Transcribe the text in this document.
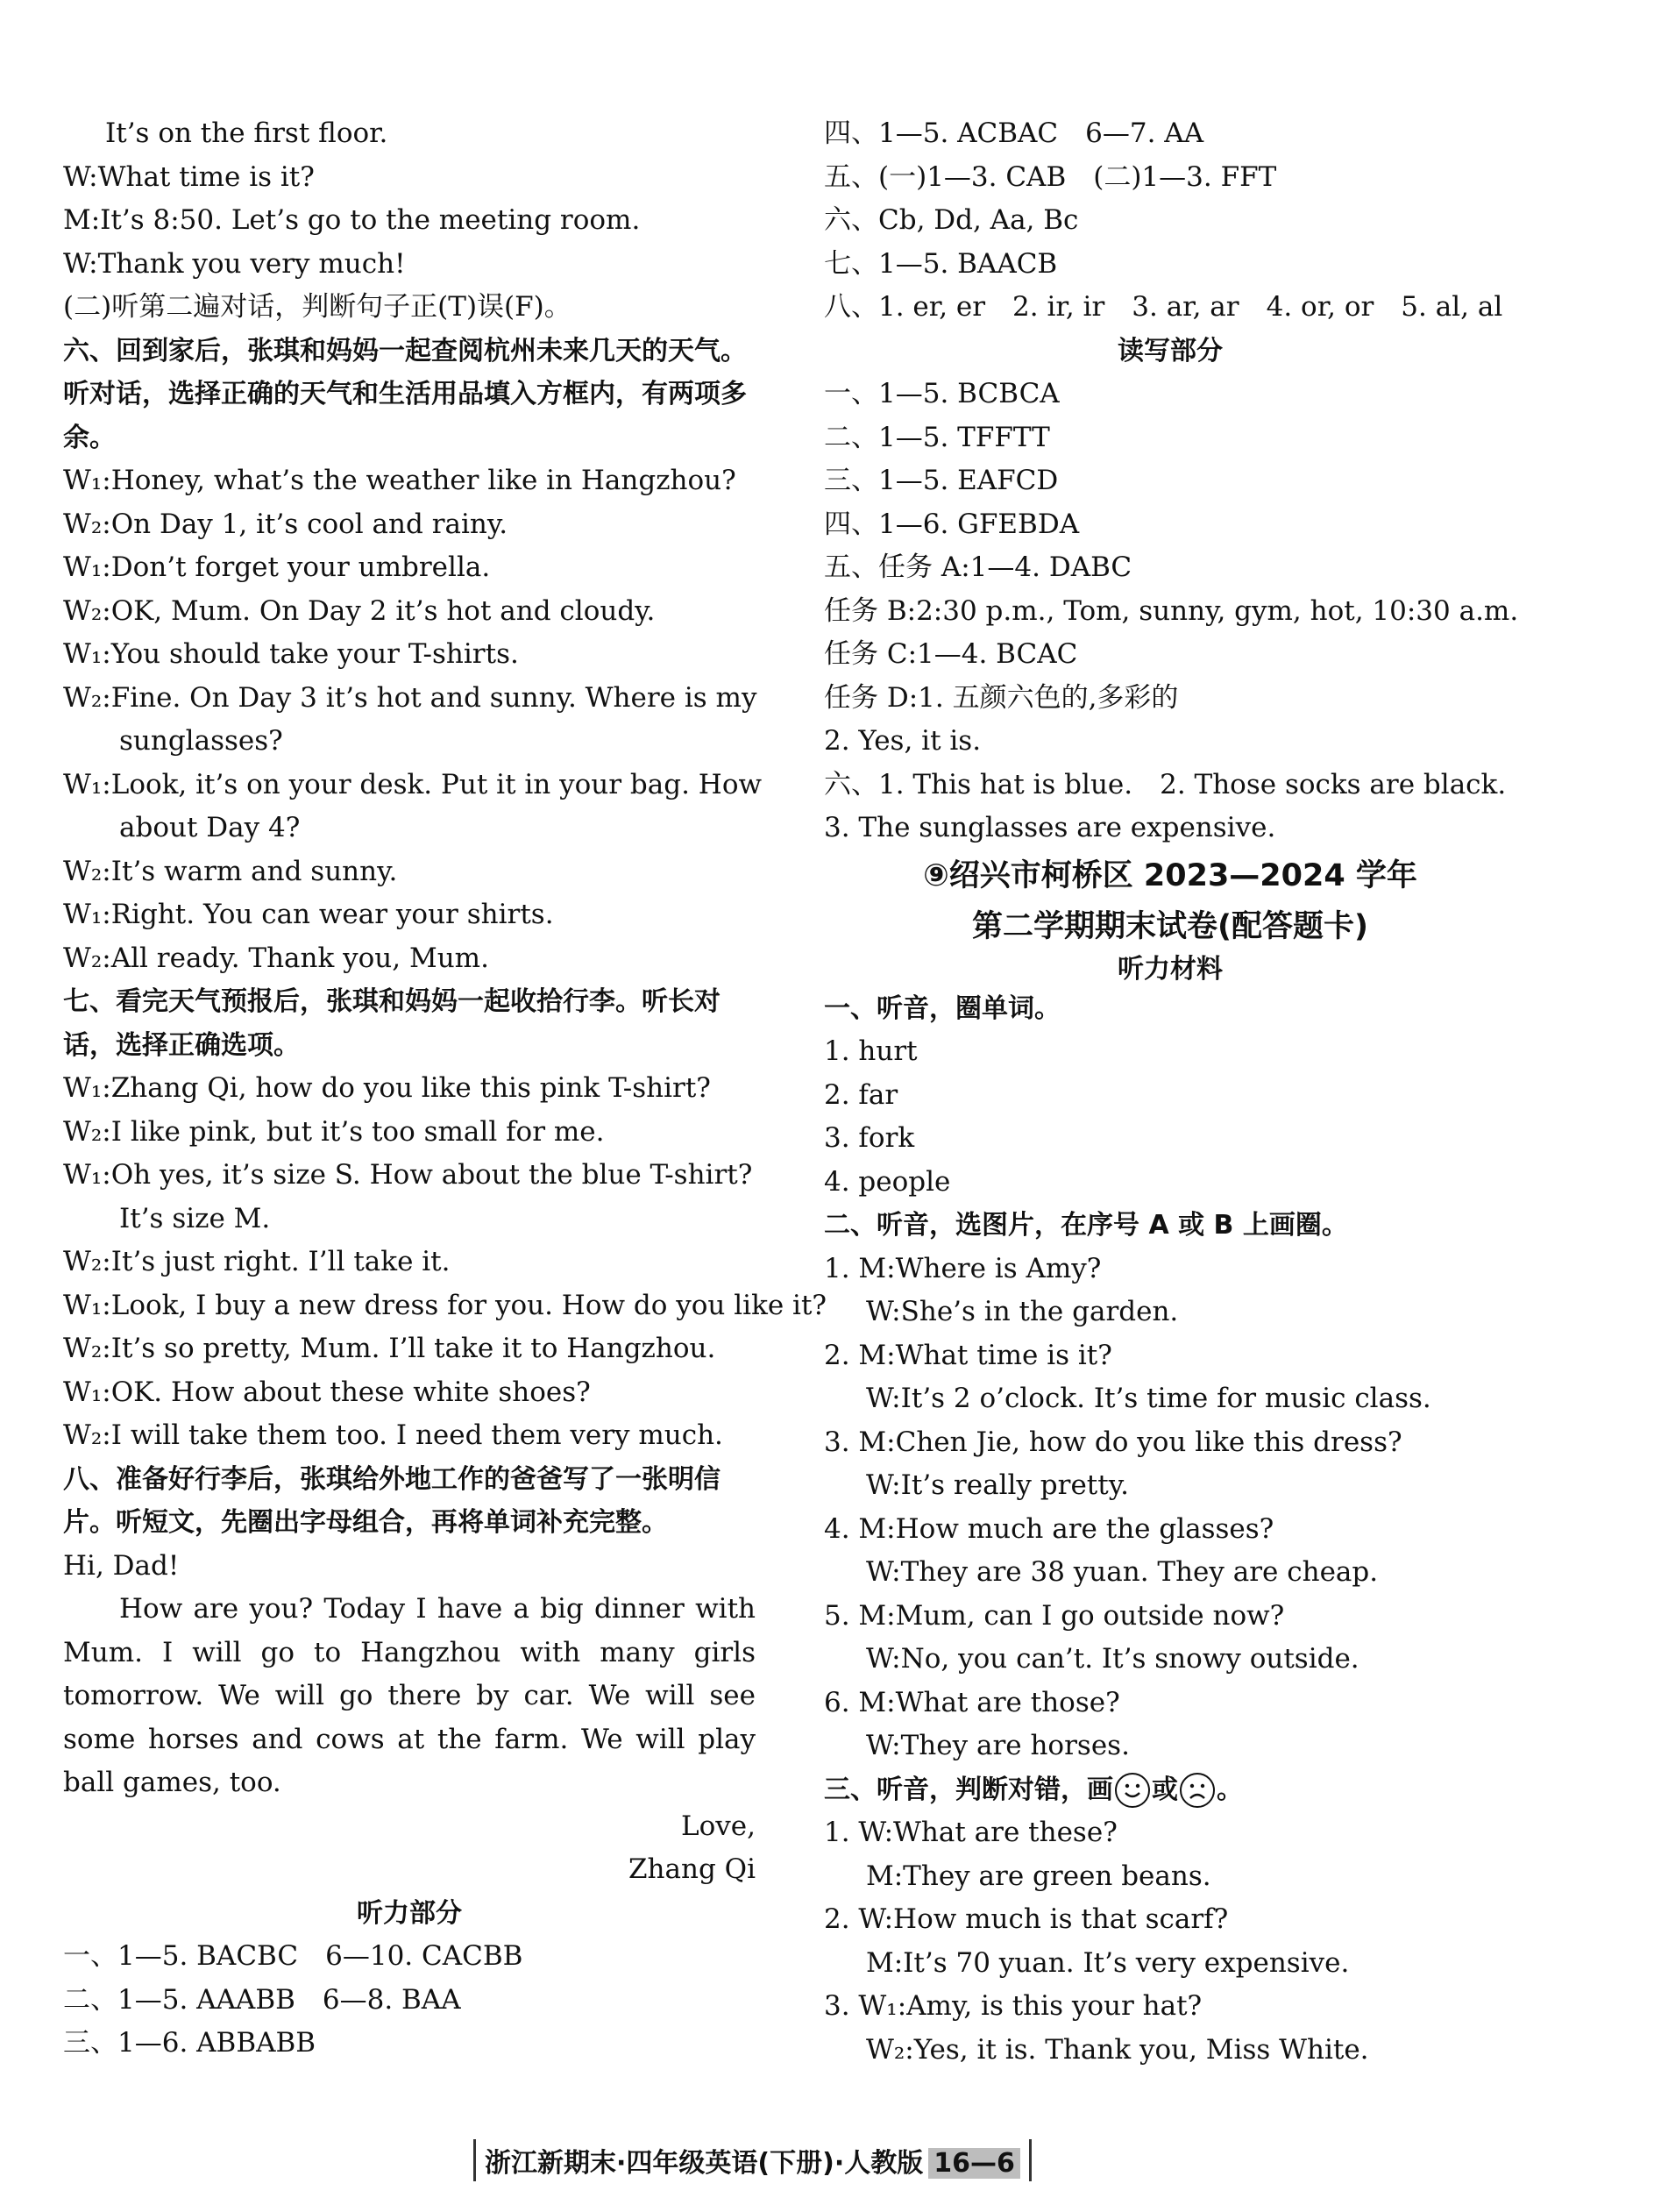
It’s on the first floor.
W:What time is it?
M:It’s 8:50. Let’s go to the meeting room.
W:Thank you very much!
(二)听第二遍对话，判断句子正(T)误(F)。
六、回到家后，张琪和妈妈一起查阅杭州未来几天的天气。听对话，选择正确的天气和生活用品填入方框内，有两项多余。
W₁:Honey, what’s the weather like in Hangzhou?
W₂:On Day 1, it’s cool and rainy.
W₁:Don’t forget your umbrella.
W₂:OK, Mum. On Day 2 it’s hot and cloudy.
W₁:You should take your T-shirts.
W₂:Fine. On Day 3 it’s hot and sunny. Where is my
sunglasses?
W₁:Look, it’s on your desk. Put it in your bag. How
about Day 4?
W₂:It’s warm and sunny.
W₁:Right. You can wear your shirts.
W₂:All ready. Thank you, Mum.
七、看完天气预报后，张琪和妈妈一起收拾行李。听长对话，选择正确选项。
W₁:Zhang Qi, how do you like this pink T-shirt?
W₂:I like pink, but it’s too small for me.
W₁:Oh yes, it’s size S. How about the blue T-shirt?
It’s size M.
W₂:It’s just right. I’ll take it.
W₁:Look, I buy a new dress for you. How do you like it?
W₂:It’s so pretty, Mum. I’ll take it to Hangzhou.
W₁:OK. How about these white shoes?
W₂:I will take them too. I need them very much.
八、准备好行李后，张琪给外地工作的爸爸写了一张明信片。听短文，先圈出字母组合，再将单词补充完整。
Hi, Dad!
How are you? Today I have a big dinner with Mum. I will go to Hangzhou with many girls tomorrow. We will go there by car. We will see some horses and cows at the farm. We will play ball games, too.
Love,
Zhang Qi
听力部分
一、1—5. BACBC　6—10. CACBB
二、1—5. AAABB　6—8. BAA
三、1—6. ABBABB
四、1—5. ACBAC　6—7. AA
五、(一)1—3. CAB　(二)1—3. FFT
六、Cb, Dd, Aa, Bc
七、1—5. BAACB
八、1. er, er　2. ir, ir　3. ar, ar　4. or, or　5. al, al
读写部分
一、1—5. BCBCA
二、1—5. TFFTT
三、1—5. EAFCD
四、1—6. GFEBDA
五、任务 A:1—4. DABC
任务 B:2:30 p.m., Tom, sunny, gym, hot, 10:30 a.m.
任务 C:1—4. BCAC
任务 D:1. 五颜六色的,多彩的
2. Yes, it is.
六、1. This hat is blue.　2. Those socks are black.
3. The sunglasses are expensive.
⑨绍兴市柯桥区 2023—2024 学年
第二学期期末试卷(配答题卡)
听力材料
一、听音，圈单词。
1. hurt
2. far
3. fork
4. people
二、听音，选图片，在序号 A 或 B 上画圈。
1. M:Where is Amy?
W:She’s in the garden.
2. M:What time is it?
W:It’s 2 o’clock. It’s time for music class.
3. M:Chen Jie, how do you like this dress?
W:It’s really pretty.
4. M:How much are the glasses?
W:They are 38 yuan. They are cheap.
5. M:Mum, can I go outside now?
W:No, you can’t. It’s snowy outside.
6. M:What are those?
W:They are horses.
三、听音，判断对错，画 或 。
1. W:What are these?
M:They are green beans.
2. W:How much is that scarf?
M:It’s 70 yuan. It’s very expensive.
3. W₁:Amy, is this your hat?
W₂:Yes, it is. Thank you, Miss White.
浙江新期末·四年级英语(下册)·人教版 16—6
